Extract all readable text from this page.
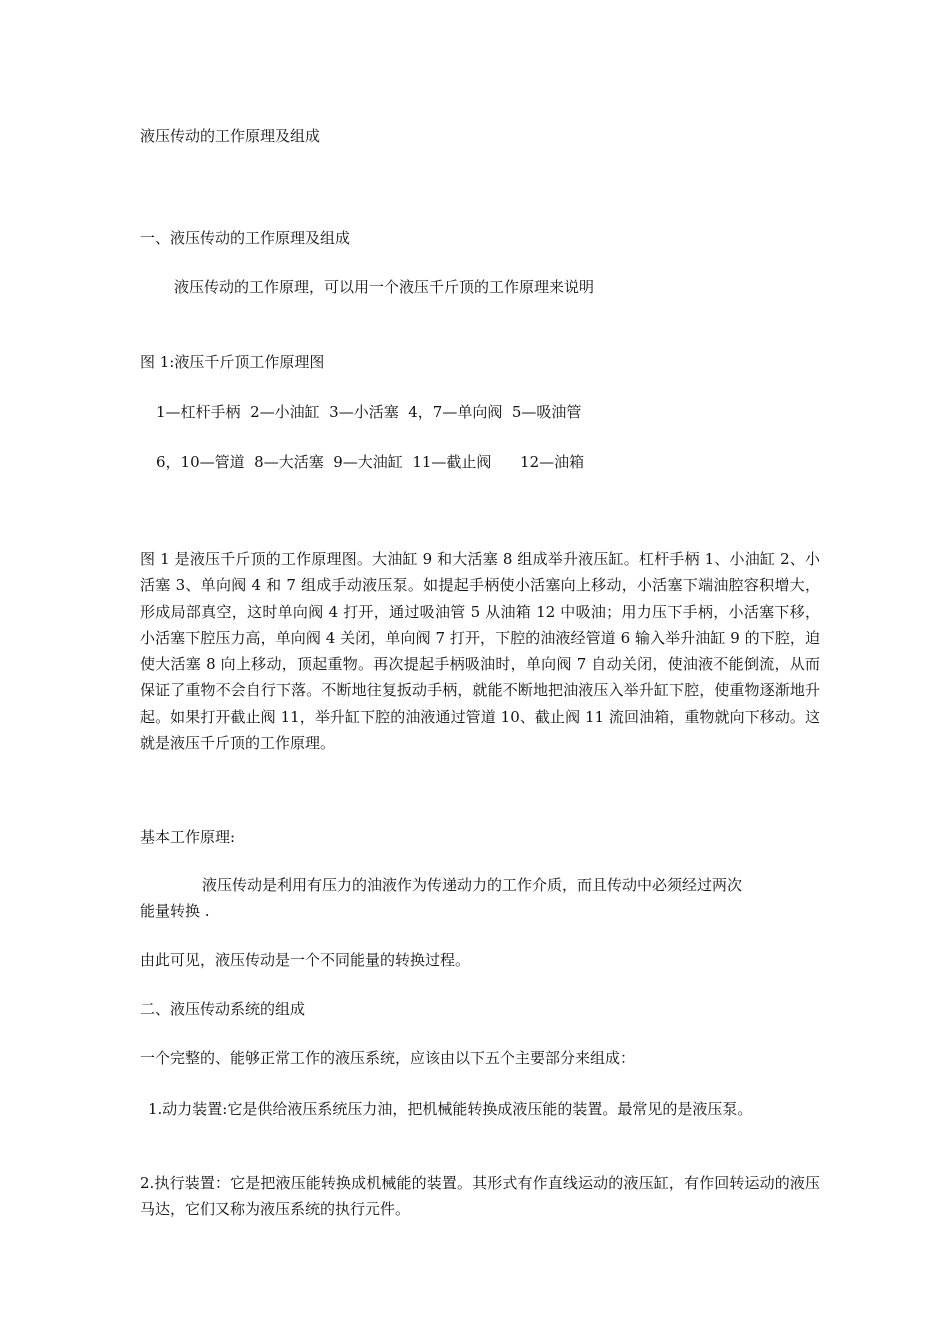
液压传动的工作原理及组成

一、液压传动的工作原理及组成

液压传动的工作原理，可以用一个液压千斤顶的工作原理来说明

图 1:液压千斤顶工作原理图

1—杠杆手柄  2—小油缸  3—小活塞  4，7—单向阀  5—吸油管

6，10—管道  8—大活塞  9—大油缸  11—截止阀      12—油箱

图 1 是液压千斤顶的工作原理图。大油缸 9 和大活塞 8 组成举升液压缸。杠杆手柄 1、小油缸 2、小活塞 3、单向阀 4 和 7 组成手动液压泵。如提起手柄使小活塞向上移动，小活塞下端油腔容积增大，形成局部真空，这时单向阀 4 打开，通过吸油管 5 从油箱 12 中吸油；用力压下手柄，小活塞下移，小活塞下腔压力高，单向阀 4 关闭，单向阀 7 打开，下腔的油液经管道 6 输入举升油缸 9 的下腔，迫使大活塞 8 向上移动，顶起重物。再次提起手柄吸油时，单向阀 7 自动关闭，使油液不能倒流，从而保证了重物不会自行下落。不断地往复扳动手柄，就能不断地把油液压入举升缸下腔，使重物逐渐地升起。如果打开截止阀 11，举升缸下腔的油液通过管道 10、截止阀 11 流回油箱，重物就向下移动。这就是液压千斤顶的工作原理。

基本工作原理:

液压传动是利用有压力的油液作为传递动力的工作介质，而且传动中必须经过两次

能量转换 .

由此可见，液压传动是一个不同能量的转换过程。

二、液压传动系统的组成

一个完整的、能够正常工作的液压系统，应该由以下五个主要部分来组成：

1.动力装置:它是供给液压系统压力油，把机械能转换成液压能的装置。最常见的是液压泵。

2.执行装置：它是把液压能转换成机械能的装置。其形式有作直线运动的液压缸，有作回转运动的液压马达，它们又称为液压系统的执行元件。
